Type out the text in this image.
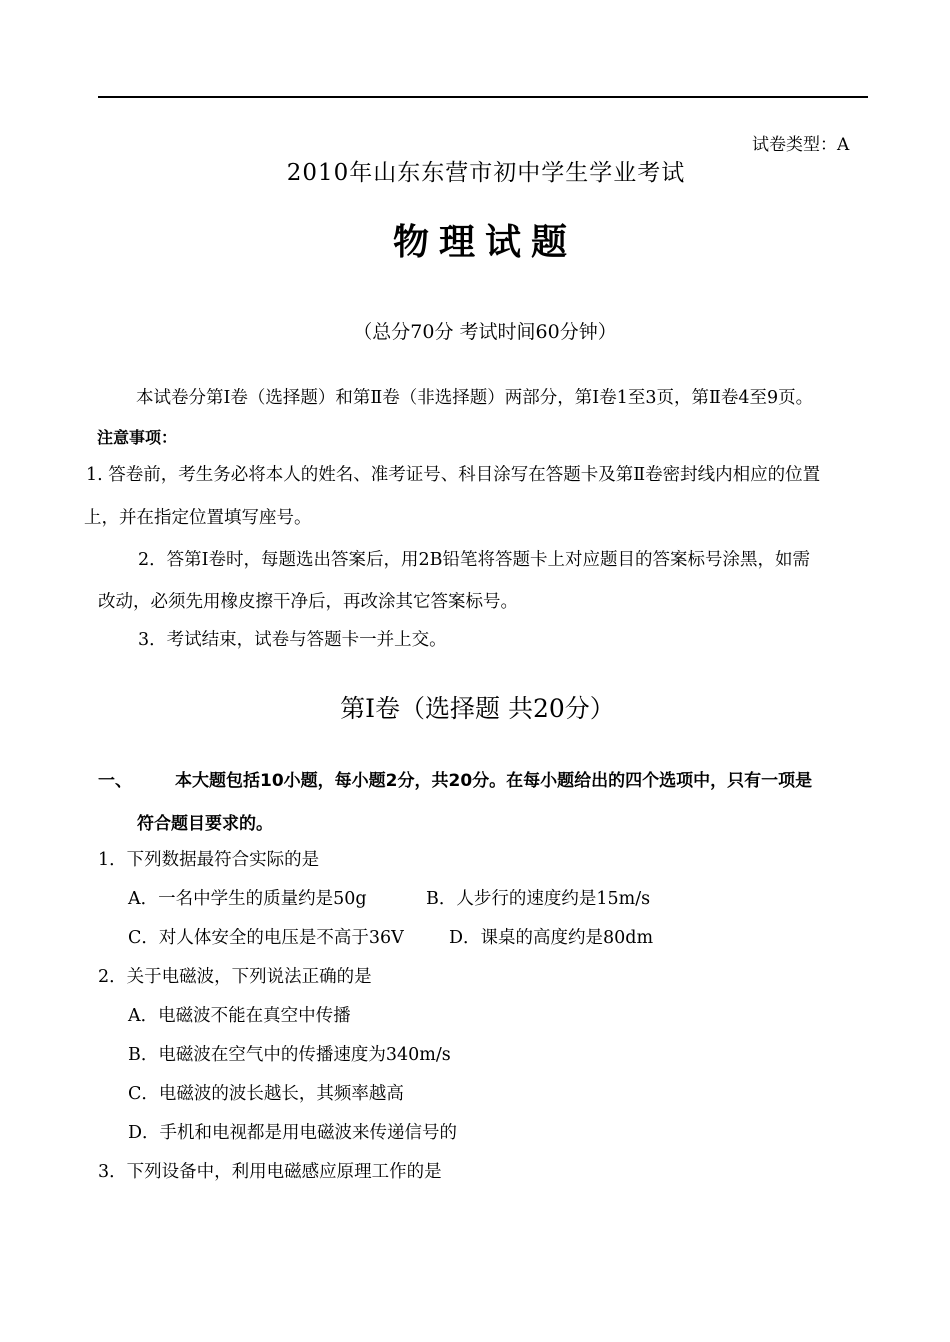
试卷类型：A
2010年山东东营市初中学生学业考试
物理试题
（总分70分 考试时间60分钟）
本试卷分第Ⅰ卷（选择题）和第Ⅱ卷（非选择题）两部分，第Ⅰ卷1至3页，第Ⅱ卷4至9页。
注意事项：
1. 答卷前，考生务必将本人的姓名、准考证号、科目涂写在答题卡及第Ⅱ卷密封线内相应的位置
上，并在指定位置填写座号。
2．答第Ⅰ卷时，每题选出答案后，用2B铅笔将答题卡上对应题目的答案标号涂黑，如需
改动，必须先用橡皮擦干净后，再改涂其它答案标号。
3．考试结束，试卷与答题卡一并上交。
第Ⅰ卷（选择题 共20分）
一、	本大题包括10小题，每小题2分，共20分。在每小题给出的四个选项中，只有一项是
符合题目要求的。
1．下列数据最符合实际的是
A．一名中学生的质量约是50g	B．人步行的速度约是15m/s
C．对人体安全的电压是不高于36V	D．课桌的高度约是80dm
2．关于电磁波，下列说法正确的是
A．电磁波不能在真空中传播
B．电磁波在空气中的传播速度为340m/s
C．电磁波的波长越长，其频率越高
D．手机和电视都是用电磁波来传递信号的
3．下列设备中，利用电磁感应原理工作的是
